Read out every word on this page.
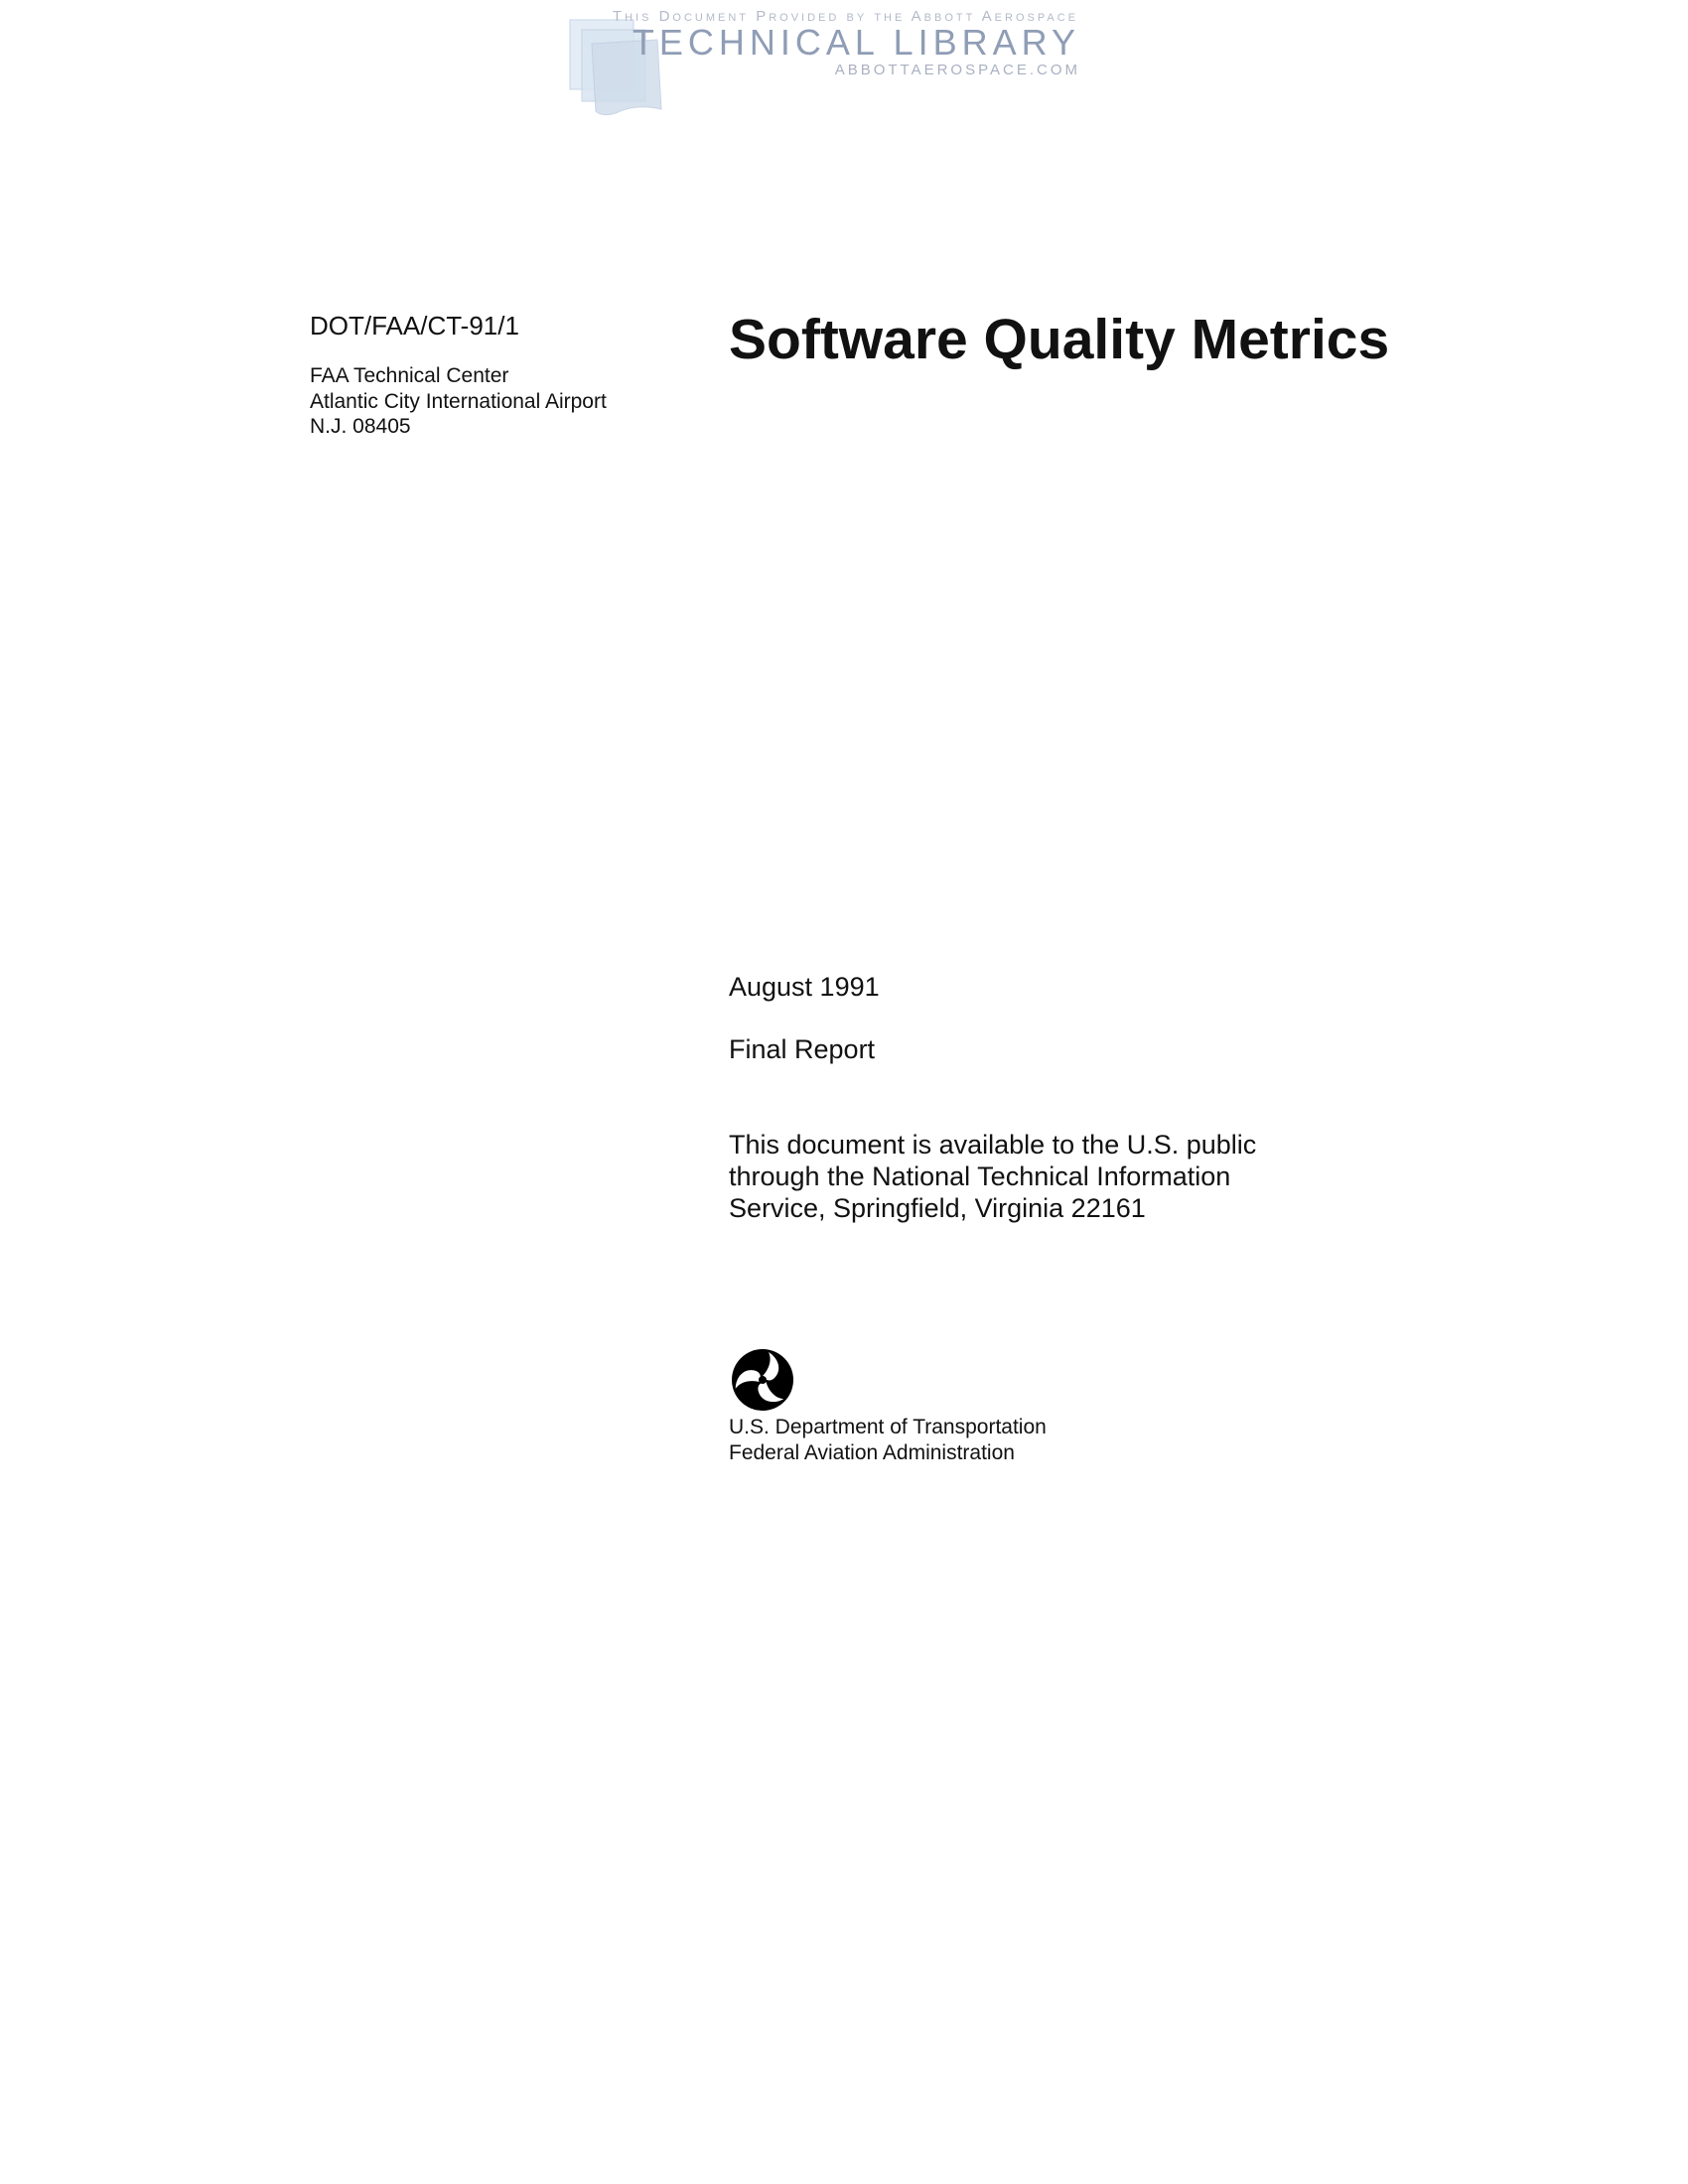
This Document Provided by the Abbott Aerospace
TECHNICAL LIBRARY
ABBOTTAEROSPACE.COM
DOT/FAA/CT-91/1
FAA Technical Center
Atlantic City International Airport
N.J. 08405
Software Quality Metrics
August 1991
Final Report
This document is available to the U.S. public
through the National Technical Information
Service, Springfield, Virginia 22161
U.S. Department of Transportation
Federal Aviation Administration
